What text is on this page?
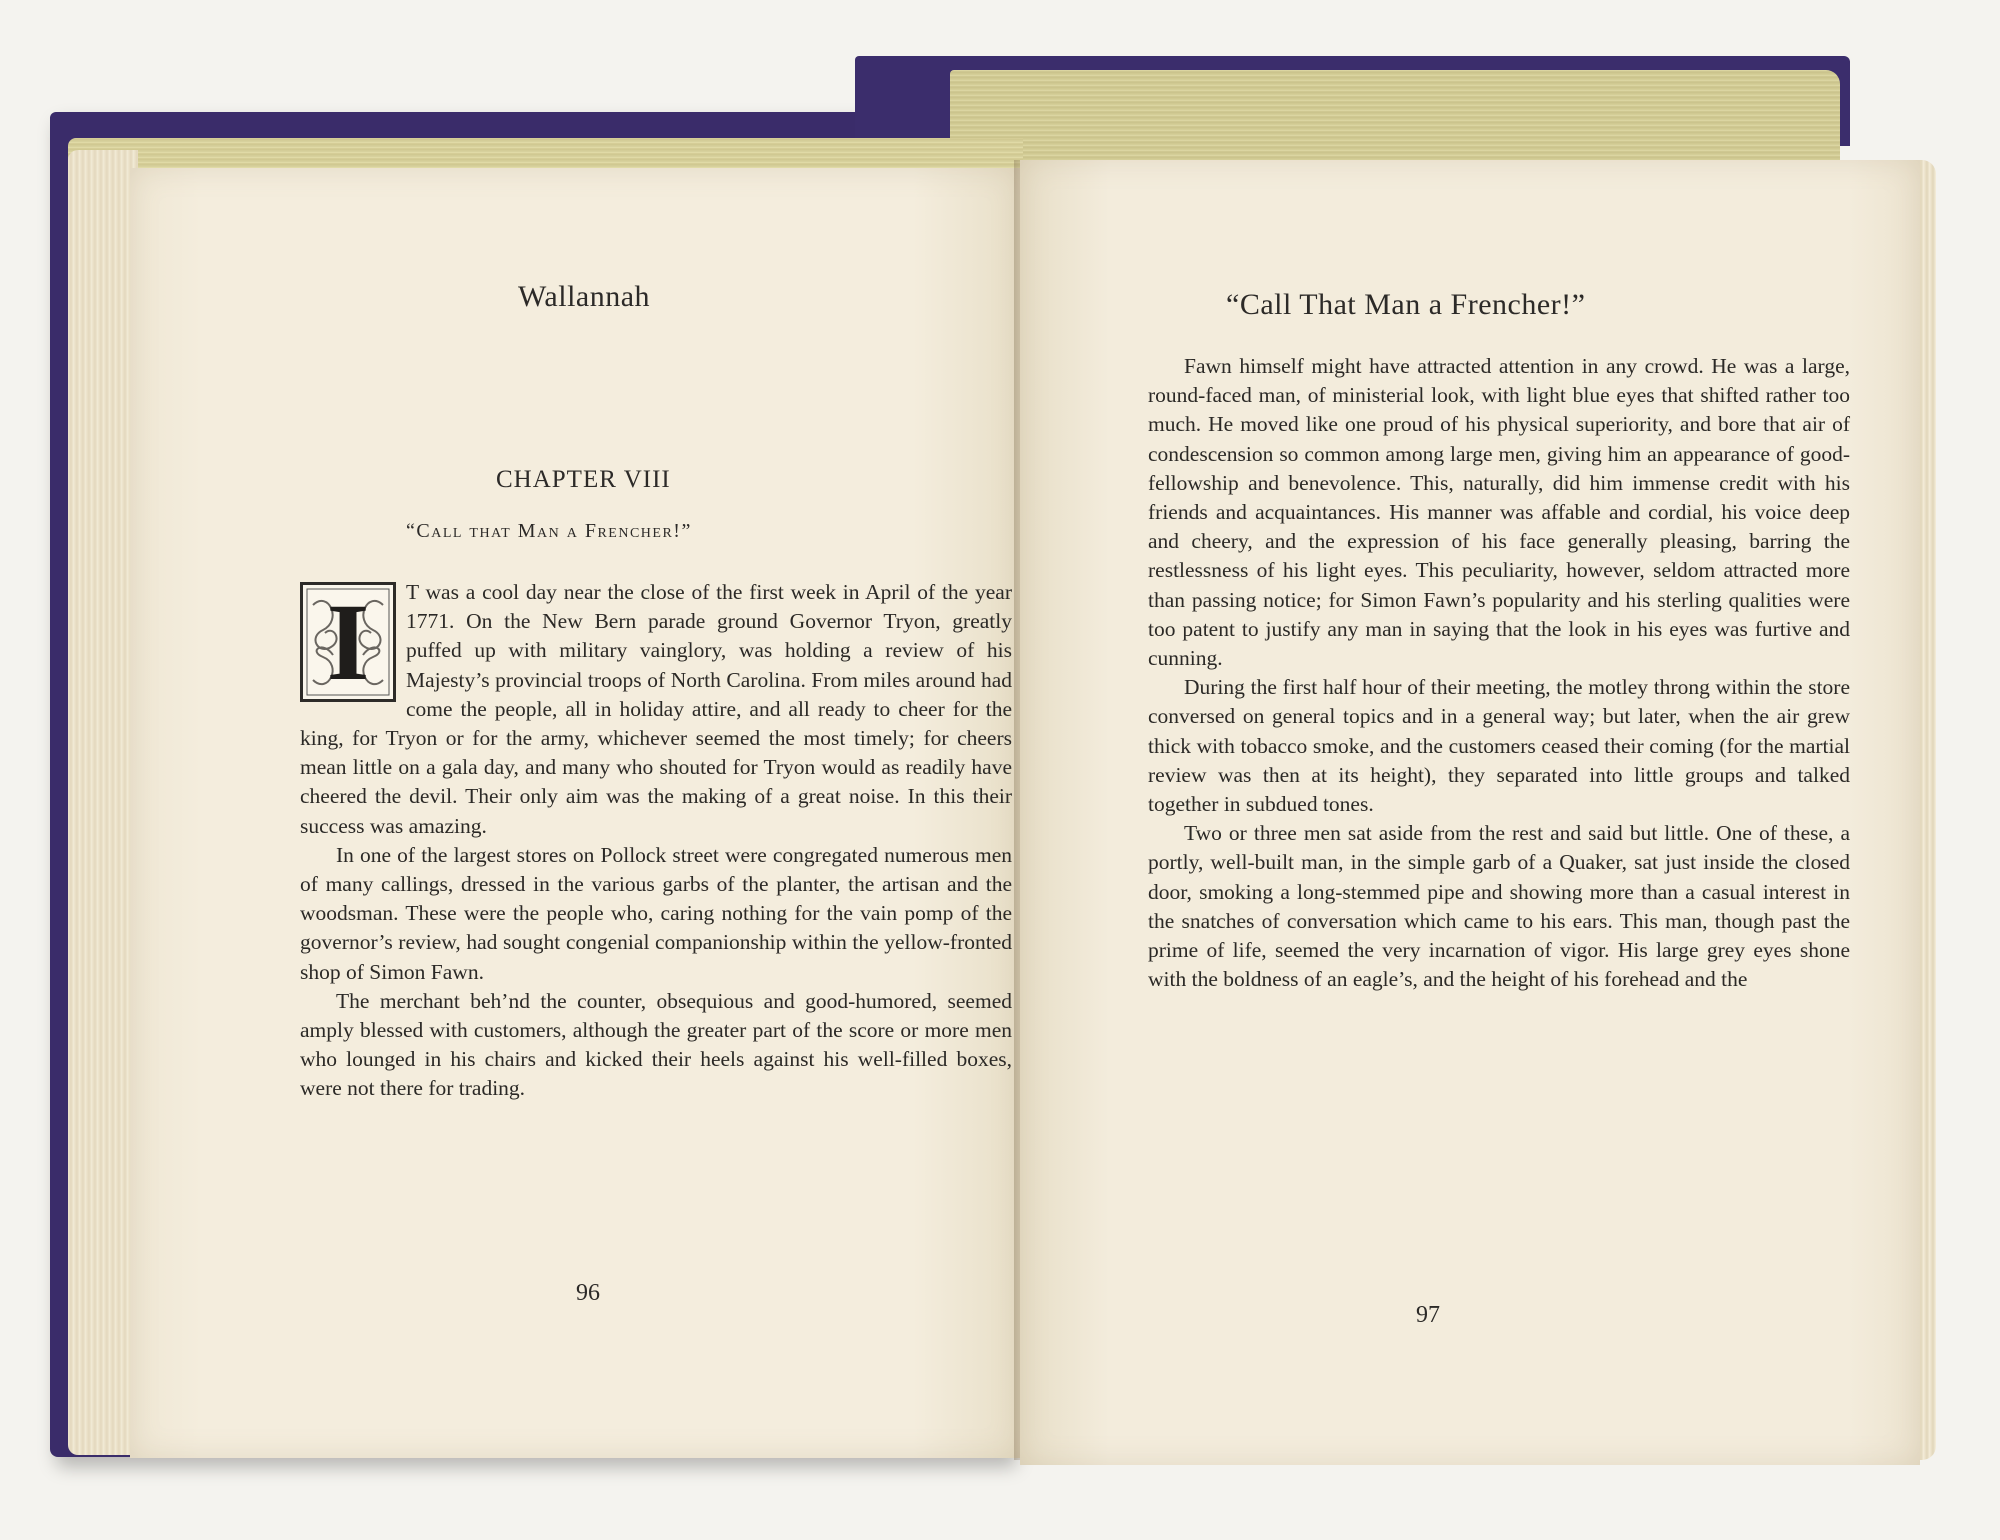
Wallannah
CHAPTER VIII
“Call that Man a Frencher!”
I	T was a cool day near the close of the first week in April of the year 1771. On the New Bern parade ground Governor Tryon, greatly puffed up with military vainglory, was holding a review of his Majesty’s provincial troops of North Carolina. From miles around had come the people, all in holiday attire, and all ready to cheer for the king, for Tryon or for the army, whichever seemed the most timely; for cheers mean little on a gala day, and many who shouted for Tryon would as readily have cheered the devil. Their only aim was the making of a great noise. In this their success was amazing.

In one of the largest stores on Pollock street were congregated numerous men of many callings, dressed in the various garbs of the planter, the artisan and the woodsman. These were the people who, caring nothing for the vain pomp of the governor’s review, had sought congenial companionship within the yellow-fronted shop of Simon Fawn.

The merchant beh’nd the counter, obsequious and good-humored, seemed amply blessed with customers, although the greater part of the score or more men who lounged in his chairs and kicked their heels against his well-filled boxes, were not there for trading.

96
“Call That Man a Frencher!”

Fawn himself might have attracted attention in any crowd. He was a large, round-faced man, of ministerial look, with light blue eyes that shifted rather too much. He moved like one proud of his physical superiority, and bore that air of condescension so common among large men, giving him an appearance of good-fellowship and benevolence. This, naturally, did him immense credit with his friends and acquaintances. His manner was affable and cordial, his voice deep and cheery, and the expression of his face generally pleasing, barring the restlessness of his light eyes. This peculiarity, however, seldom attracted more than passing notice; for Simon Fawn’s popularity and his sterling qualities were too patent to justify any man in saying that the look in his eyes was furtive and cunning.

During the first half hour of their meeting, the motley throng within the store conversed on general topics and in a general way; but later, when the air grew thick with tobacco smoke, and the customers ceased their coming (for the martial review was then at its height), they separated into little groups and talked together in subdued tones.

Two or three men sat aside from the rest and said but little. One of these, a portly, well-built man, in the simple garb of a Quaker, sat just inside the closed door, smoking a long-stemmed pipe and showing more than a casual interest in the snatches of conversation which came to his ears. This man, though past the prime of life, seemed the very incarnation of vigor. His large grey eyes shone with the boldness of an eagle’s, and the height of his forehead and the

97
